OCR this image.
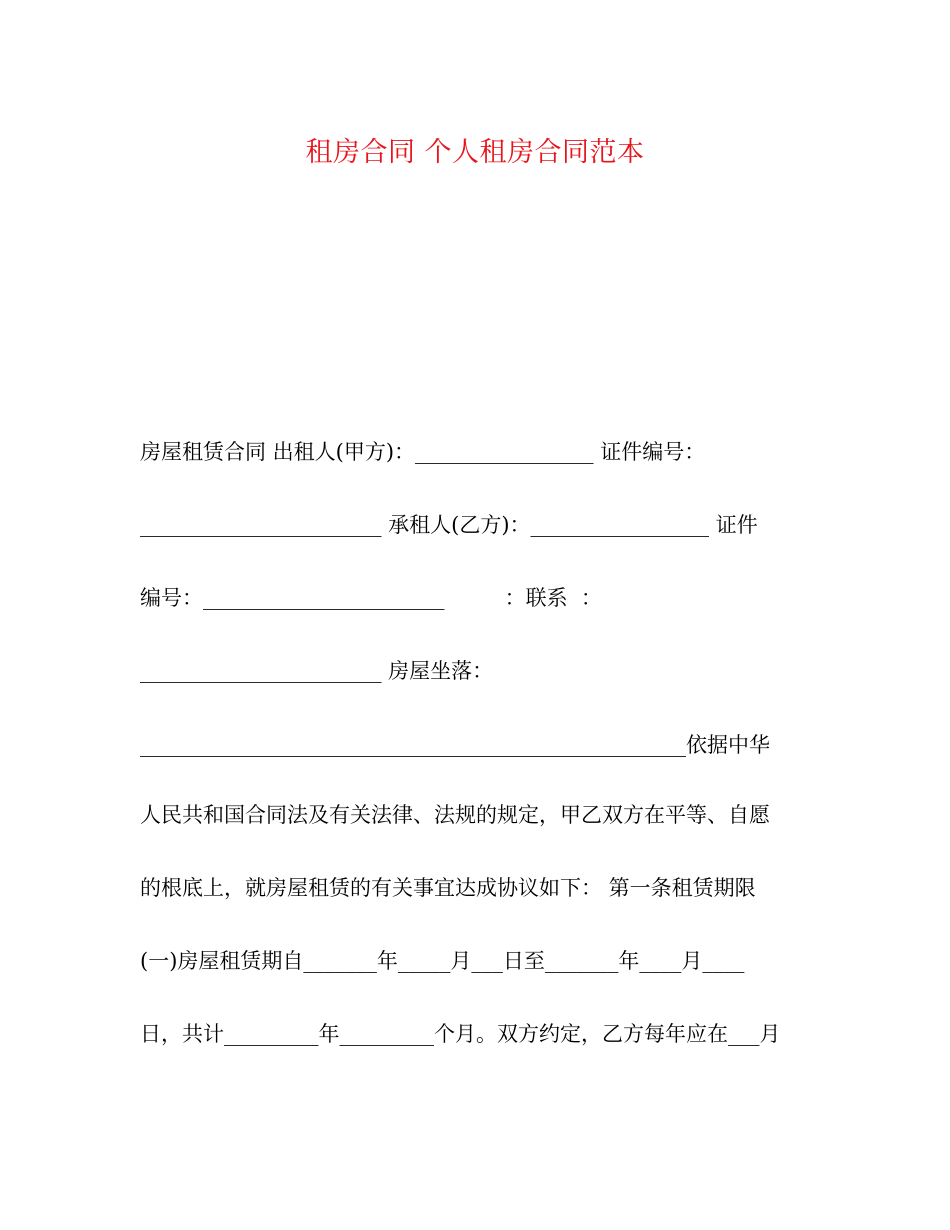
租房合同 个人租房合同范本
房屋租赁合同 出租人(甲方)：_________________ 证件编号：
_______________________ 承租人(乙方)：_________________ 证件
编号：_______________________         ：联系  ：
_______________________ 房屋坐落：
____________________________________________________依据中华
人民共和国合同法及有关法律、法规的规定，甲乙双方在平等、自愿
的根底上，就房屋租赁的有关事宜达成协议如下： 第一条租赁期限
(一)房屋租赁期自_______年_____月___日至_______年____月____
日，共计_________年_________个月。双方约定，乙方每年应在___月
